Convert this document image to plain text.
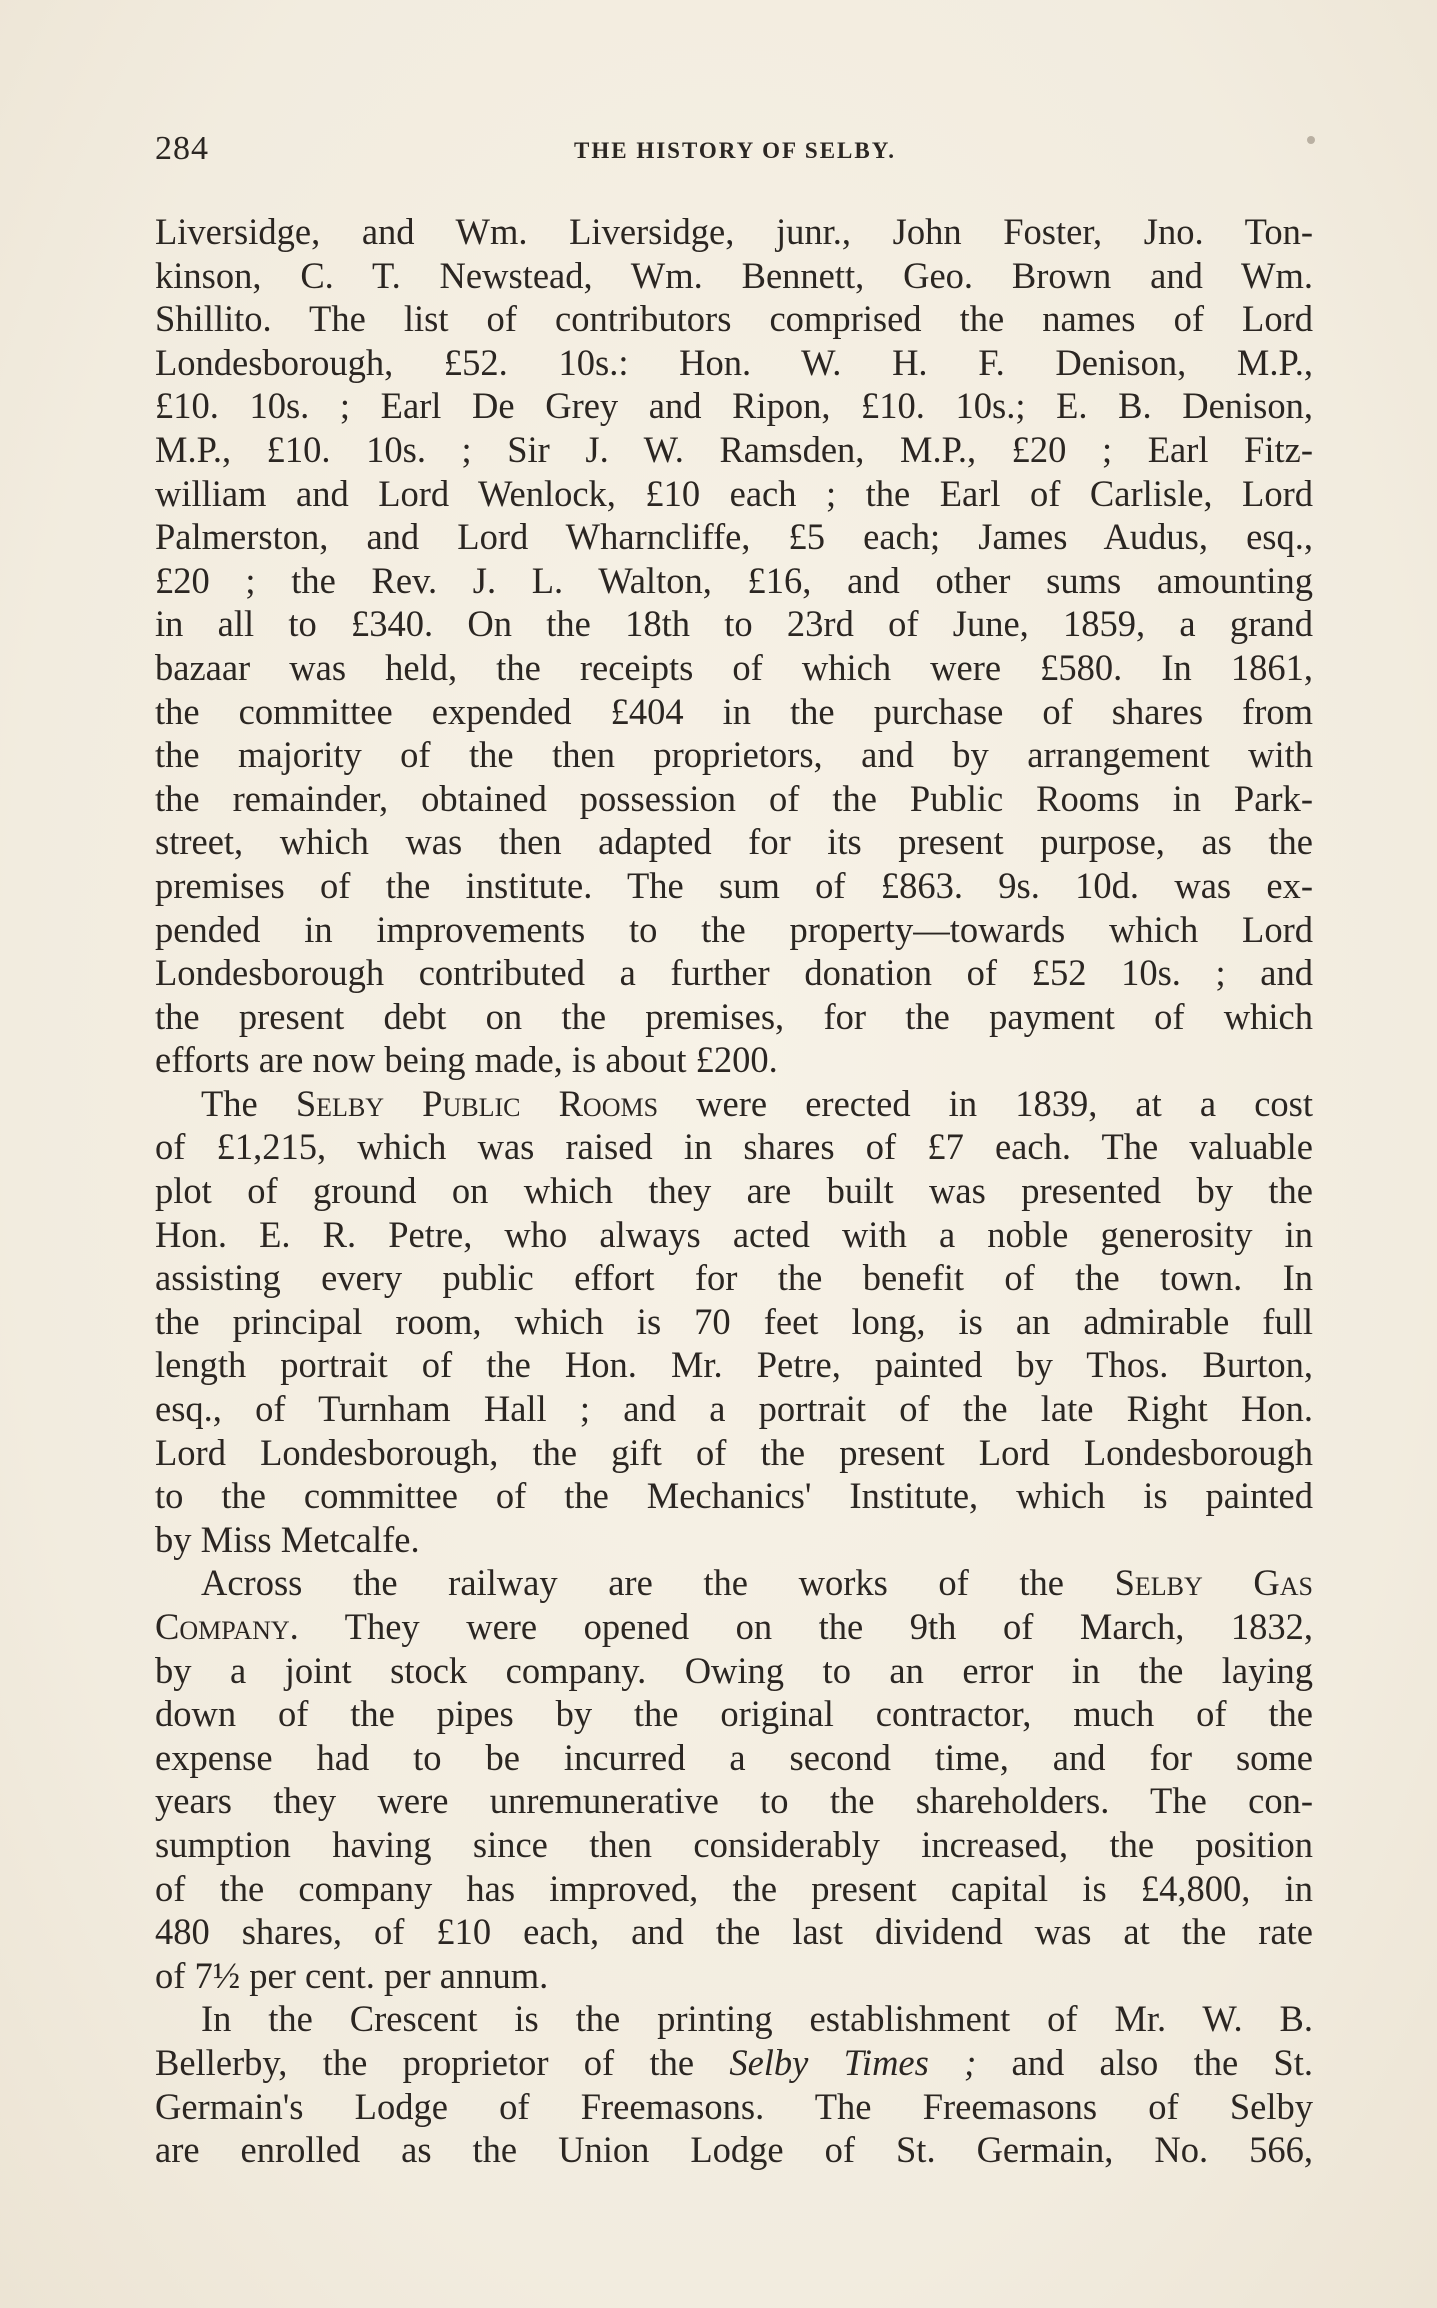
284	THE HISTORY OF SELBY.
Liversidge, and Wm. Liversidge, junr., John Foster, Jno. Ton-
kinson, C. T. Newstead, Wm. Bennett, Geo. Brown and Wm.
Shillito. The list of contributors comprised the names of Lord
Londesborough, £52. 10s.: Hon. W. H. F. Denison, M.P.,
£10. 10s. ; Earl De Grey and Ripon, £10. 10s.; E. B. Denison,
M.P., £10. 10s. ; Sir J. W. Ramsden, M.P., £20 ; Earl Fitz-
william and Lord Wenlock, £10 each ; the Earl of Carlisle, Lord
Palmerston, and Lord Wharncliffe, £5 each; James Audus, esq.,
£20 ; the Rev. J. L. Walton, £16, and other sums amounting
in all to £340. On the 18th to 23rd of June, 1859, a grand
bazaar was held, the receipts of which were £580. In 1861,
the committee expended £404 in the purchase of shares from
the majority of the then proprietors, and by arrangement with
the remainder, obtained possession of the Public Rooms in Park-
street, which was then adapted for its present purpose, as the
premises of the institute. The sum of £863. 9s. 10d. was ex-
pended in improvements to the property—towards which Lord
Londesborough contributed a further donation of £52 10s. ; and
the present debt on the premises, for the payment of which
efforts are now being made, is about £200.
The Selby Public Rooms were erected in 1839, at a cost
of £1,215, which was raised in shares of £7 each. The valuable
plot of ground on which they are built was presented by the
Hon. E. R. Petre, who always acted with a noble generosity in
assisting every public effort for the benefit of the town. In
the principal room, which is 70 feet long, is an admirable full
length portrait of the Hon. Mr. Petre, painted by Thos. Burton,
esq., of Turnham Hall ; and a portrait of the late Right Hon.
Lord Londesborough, the gift of the present Lord Londesborough
to the committee of the Mechanics' Institute, which is painted
by Miss Metcalfe.
Across the railway are the works of the Selby Gas
Company. They were opened on the 9th of March, 1832,
by a joint stock company. Owing to an error in the laying
down of the pipes by the original contractor, much of the
expense had to be incurred a second time, and for some
years they were unremunerative to the shareholders. The con-
sumption having since then considerably increased, the position
of the company has improved, the present capital is £4,800, in
480 shares, of £10 each, and the last dividend was at the rate
of 7½ per cent. per annum.
In the Crescent is the printing establishment of Mr. W. B.
Bellerby, the proprietor of the Selby Times ; and also the St.
Germain's Lodge of Freemasons. The Freemasons of Selby
are enrolled as the Union Lodge of St. Germain, No. 566,
